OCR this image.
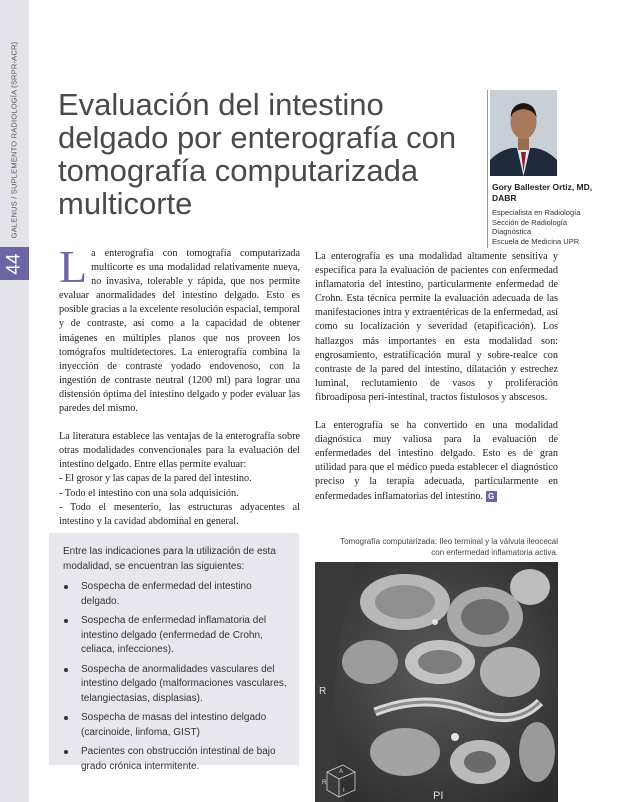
GALENUS / SUPLEMENTO RADIOLOGÍA (SRPR-ACR)
44
Evaluación del intestino delgado por enterografía con tomografía computarizada multicorte	Gory Ballester Ortiz, MD, DABR
Especialista en Radiología
Sección de Radiología
Diagnóstica
Escuela de Medicina UPR

La enterografía con tomografía computarizada multicorte es una modalidad relativamente nueva, no invasiva, tolerable y rápida, que nos permite evaluar anormalidades del intestino delgado. Esto es posible gracias a la excelente resolución espacial, temporal y de contraste, así como a la capacidad de obtener imágenes en múltiples planos que nos proveen los tomógrafos multidetectores. La enterografía combina la inyección de contraste yodado endovenoso, con la ingestión de contraste neutral (1200 ml) para lograr una distensión óptima del intestino delgado y poder evaluar las paredes del mismo.

La literatura establece las ventajas de la enterografía sobre otras modalidades convencionales para la evaluación del intestino delgado. Entre ellas permite evaluar:

- El grosor y las capas de la pared del intestino.
- Todo el intestino con una sola adquisición.
- Todo el mesenterio, las estructuras adyacentes al intestino y la cavidad abdominal en general.

La enterografía es una modalidad altamente sensitiva y específica para la evaluación de pacientes con enfermedad inflamatoria del intestino, particularmente enfermedad de Crohn. Esta técnica permite la evaluación adecuada de las manifestaciones intra y extraentéricas de la enfermedad, así como su localización y severidad (etapificación). Los hallazgos más importantes en esta modalidad son: engrosamiento, estratificación mural y sobre-realce con contraste de la pared del intestino, dilatación y estrechez luminal, reclutamiento de vasos y proliferación fibroadiposa peri-intestinal, tractos fistulosos y abscesos.

La enterografía se ha convertido en una modalidad diagnóstica muy valiosa para la evaluación de enfermedades del intestino delgado. Esto es de gran utilidad para que el médico pueda establecer el diagnóstico preciso y la terapia adecuada, particularmente en enfermedades inflamatorias del intestino. G

Entre las indicaciones para la utilización de esta modalidad, se encuentran las siguientes:

Sospecha de enfermedad del intestino delgado.
Sospecha de enfermedad inflamatoria del intestino delgado (enfermedad de Crohn, celiaca, infecciones).
Sospecha de anormalidades vasculares del intestino delgado (malformaciones vasculares, telangiectasias, displasias).
Sospecha de masas del intestino delgado (carcinoide, linfoma, GIST)
Pacientes con obstrucción intestinal de bajo grado crónica intermitente.
Tomografía computarizada: Ileo terminal y la válvula ileocecal con enfermedad inflamatoria activa.
R
PI
A
R
I
